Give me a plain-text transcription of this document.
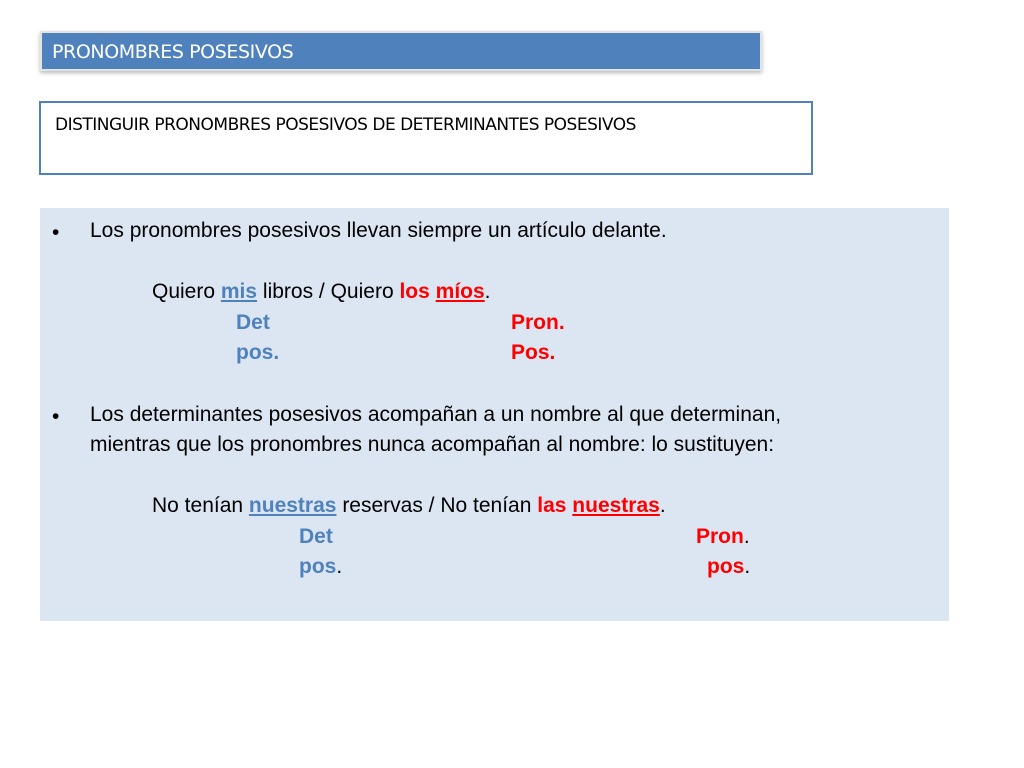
PRONOMBRES POSESIVOS
DISTINGUIR PRONOMBRES POSESIVOS DE DETERMINANTES POSESIVOS
• Los pronombres posesivos llevan siempre un artículo delante.
Quiero mis libros / Quiero los míos.
Det	Pron.
pos.	Pos.
• Los determinantes posesivos acompañan a un nombre al que determinan,
mientras que los pronombres nunca acompañan al nombre: lo sustituyen:
No tenían nuestras reservas / No tenían las nuestras.
Det	Pron.
pos.	pos.
